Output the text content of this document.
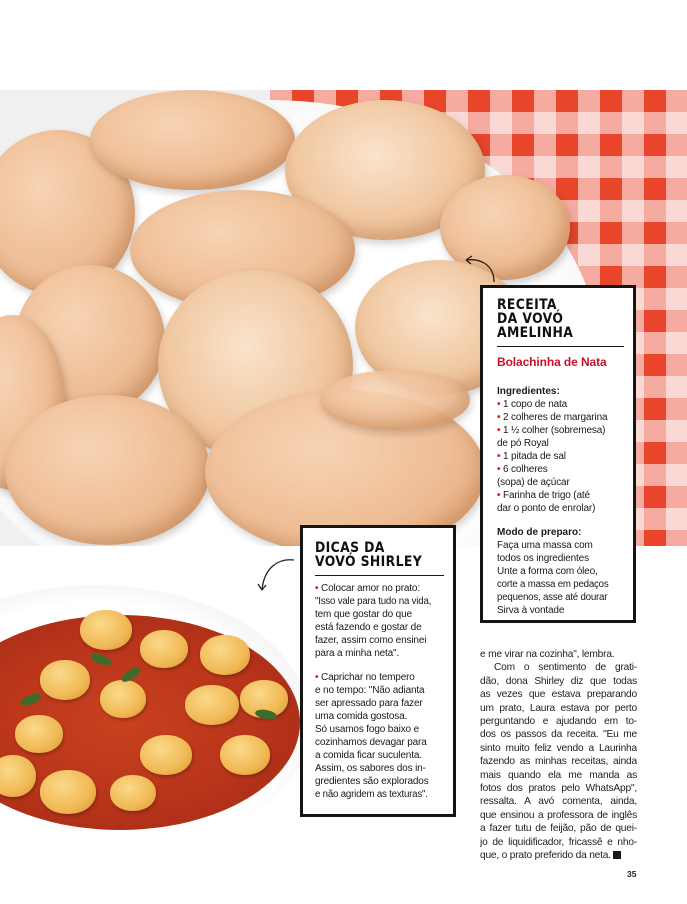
RECEITA
DA VOVÓ
AMELINHA
Bolachinha de Nata
Ingredientes:
• 1 copo de nata
• 2 colheres de margarina
• 1 ½ colher (sobremesa)
de pó Royal
• 1 pitada de sal
• 6 colheres
(sopa) de açúcar
• Farinha de trigo (até
dar o ponto de enrolar)
Modo de preparo:
Faça uma massa com
todos os ingredientes
Unte a forma com óleo,
corte a massa em pedaços
pequenos, asse até dourar
Sirva à vontade
DICAS DA
VOVÓ SHIRLEY
• Colocar amor no prato:
"Isso vale para tudo na vida,
tem que gostar do que
está fazendo e gostar de
fazer, assim como ensinei
para a minha neta".
• Caprichar no tempero
e no tempo: "Não adianta
ser apressado para fazer
uma comida gostosa.
Só usamos fogo baixo e
cozinhamos devagar para
a comida ficar suculenta.
Assim, os sabores dos in-
gredientes são explorados
e não agridem as texturas".
e me virar na cozinha", lembra.
Com o sentimento de grati-
dão, dona Shirley diz que todas
as vezes que estava preparando
um prato, Laura estava por perto
perguntando e ajudando em to-
dos os passos da receita. "Eu me
sinto muito feliz vendo a Laurinha
fazendo as minhas receitas, ainda
mais quando ela me manda as
fotos dos pratos pelo WhatsApp",
ressalta. A avó comenta, ainda,
que ensinou a professora de inglês
a fazer tutu de feijão, pão de quei-
jo de liquidificador, fricassê e nho-
que, o prato preferido da neta.
35
